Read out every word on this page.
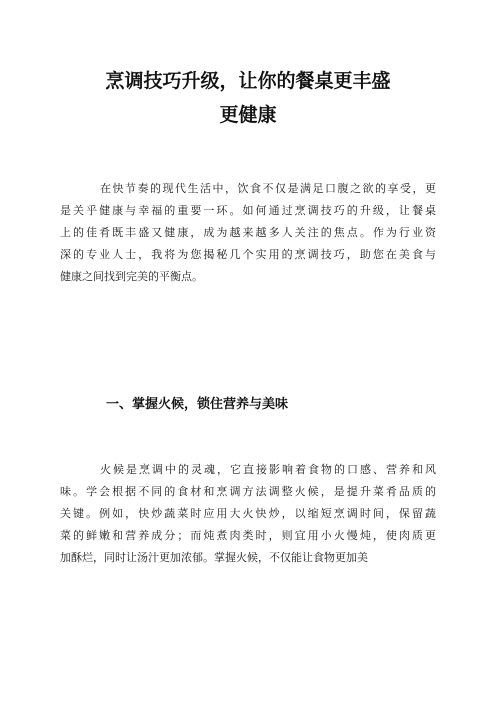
烹调技巧升级，让你的餐桌更丰盛
更健康

在快节奏的现代生活中，饮食不仅是满足口腹之欲的享受，更
是关乎健康与幸福的重要一环。如何通过烹调技巧的升级，让餐桌
上的佳肴既丰盛又健康，成为越来越多人关注的焦点。作为行业资
深的专业人士，我将为您揭秘几个实用的烹调技巧，助您在美食与
健康之间找到完美的平衡点。

一、掌握火候，锁住营养与美味

火候是烹调中的灵魂，它直接影响着食物的口感、营养和风
味。学会根据不同的食材和烹调方法调整火候，是提升菜肴品质的
关键。例如，快炒蔬菜时应用大火快炒，以缩短烹调时间，保留蔬
菜的鲜嫩和营养成分；而炖煮肉类时，则宜用小火慢炖，使肉质更
加酥烂，同时让汤汁更加浓郁。掌握火候，不仅能让食物更加美
